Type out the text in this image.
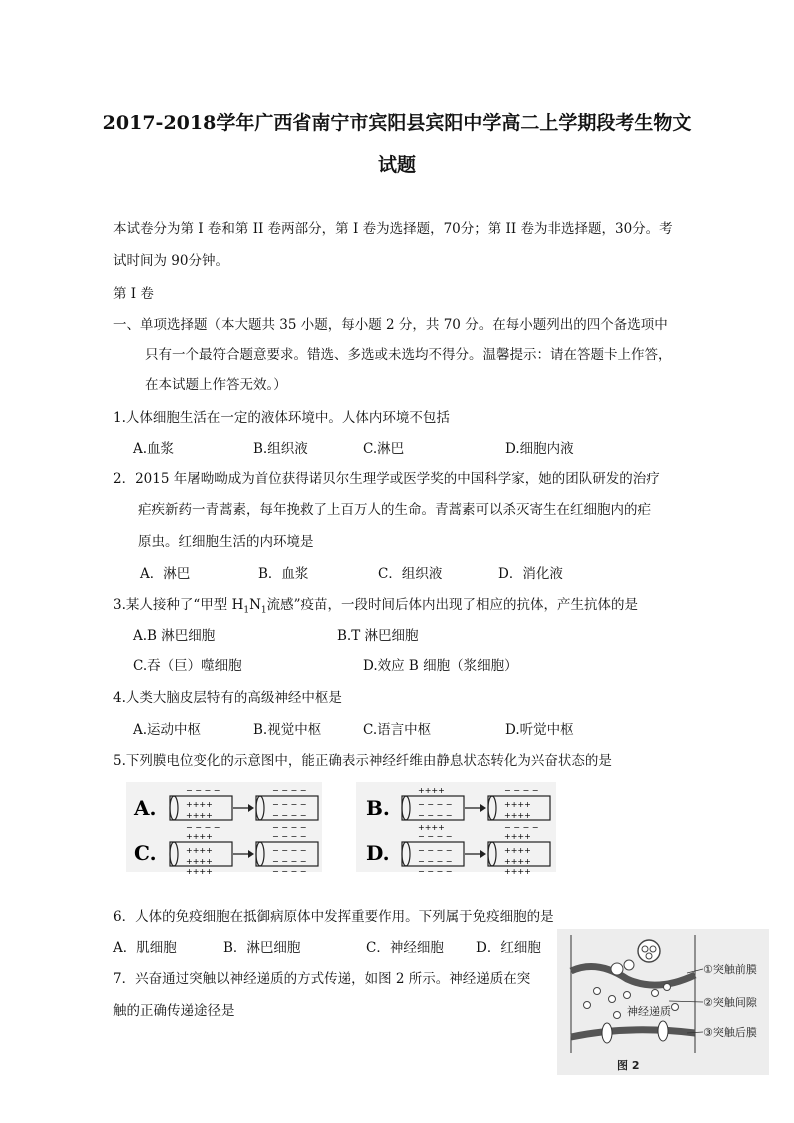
2017-2018学年广西省南宁市宾阳县宾阳中学高二上学期段考生物文
试题
本试卷分为第 I 卷和第 II 卷两部分，第 I 卷为选择题，70分；第 II 卷为非选择题，30分。考
试时间为 90分钟。
第 I 卷
一、单项选择题（本大题共 35 小题，每小题 2 分，共 70 分。在每小题列出的四个备选项中
只有一个最符合题意要求。错选、多选或未选均不得分。温馨提示：请在答题卡上作答，
在本试题上作答无效。）
1.人体细胞生活在一定的液体环境中。人体内环境不包括
A.血浆	B.组织液	C.淋巴	D.细胞内液
2．2015 年屠呦呦成为首位获得诺贝尔生理学或医学奖的中国科学家，她的团队研发的治疗
疟疾新药一青蒿素，每年挽救了上百万人的生命。青蒿素可以杀灭寄生在红细胞内的疟
原虫。红细胞生活的内环境是
A．淋巴	B．血浆	C．组织液	D．消化液
3.某人接种了“甲型 $H_1N_1$流感”疫苗，一段时间后体内出现了相应的抗体，产生抗体的是
A.B 淋巴细胞	B.T 淋巴细胞
C.吞（巨）噬细胞	D.效应 B 细胞（浆细胞）
4.人类大脑皮层特有的高级神经中枢是
A.运动中枢	B.视觉中枢	C.语言中枢	D.听觉中枢
5.下列膜电位变化的示意图中，能正确表示神经纤维由静息状态转化为兴奋状态的是
A.
− − − −
++++
++++
− − − −
− − − −
− − − −
− − − −
− − − −
C.
++++
++++
++++
++++
− − − −
− − − −
− − − −
− − − −
B.
++++
− − − −
− − − −
++++
− − − −
++++
++++
− − − −
D.
− − − −
− − − −
− − − −
− − − −
++++
++++
++++
++++
6．人体的免疫细胞在抵御病原体中发挥重要作用。下列属于免疫细胞的是
A．肌细胞	B．淋巴细胞	C．神经细胞 D．红细胞
7．兴奋通过突触以神经递质的方式传递，如图 2 所示。神经递质在突
触的正确传递途径是	神经递质
①突触前膜
②突触间隙
③突触后膜
图 2
